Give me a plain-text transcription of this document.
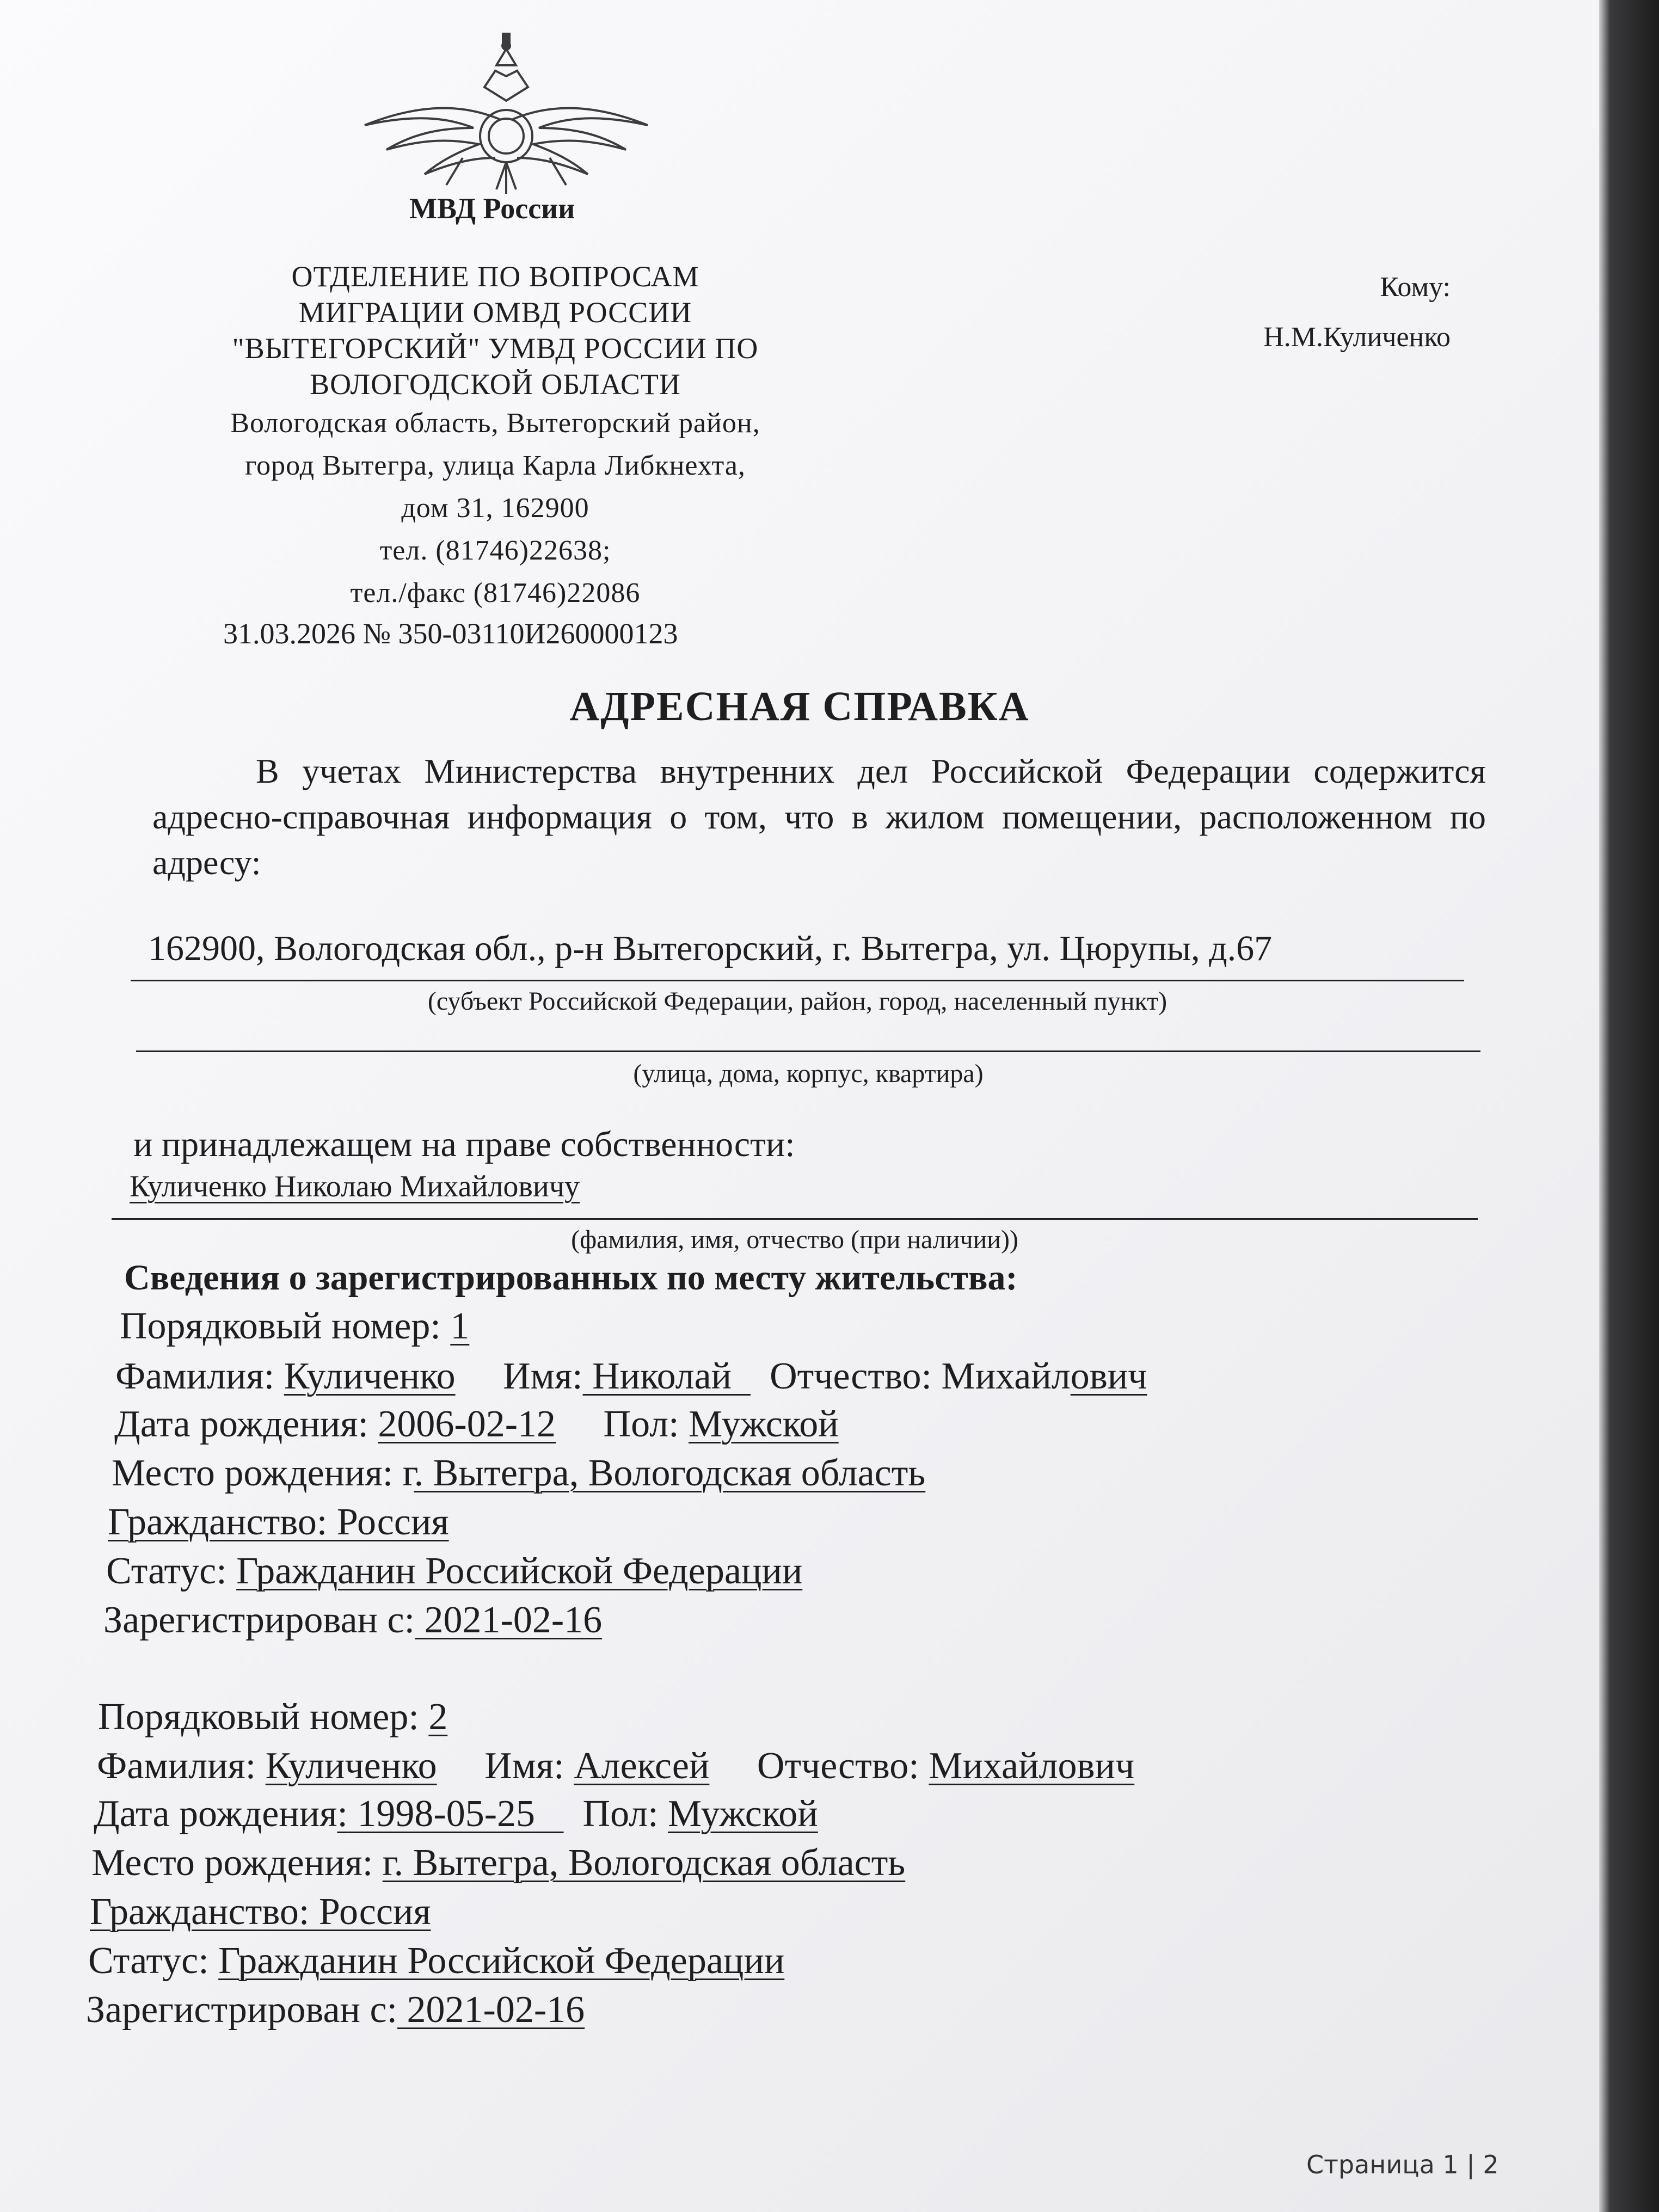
МВД России
ОТДЕЛЕНИЕ ПО ВОПРОСАМ
МИГРАЦИИ ОМВД РОССИИ
"ВЫТЕГОРСКИЙ" УМВД РОССИИ ПО
ВОЛОГОДСКОЙ ОБЛАСТИ
Вологодская область, Вытегорский район,
город Вытегра, улица Карла Либкнехта,
дом 31, 162900
тел. (81746)22638;
тел./факс (81746)22086
Кому:
Н.М.Куличенко
31.03.2026 № 350-03110И260000123
АДРЕСНАЯ СПРАВКА
В учетах Министерства внутренних дел Российской Федерации содержится адресно-справочная информация о том, что в жилом помещении, расположенном по адресу:
162900, Вологодская обл., р-н Вытегорский, г. Вытегра, ул. Цюрупы, д.67
(субъект Российской Федерации, район, город, населенный пункт)
(улица, дома, корпус, квартира)
и принадлежащем на праве собственности:
Куличенко Николаю Михайловичу
(фамилия, имя, отчество (при наличии))
Сведения о зарегистрированных по месту жительства:
Порядковый номер: 1
Фамилия: Куличенко Имя: Николай Отчество: Михайлович
Дата рождения: 2006-02-12 Пол: Мужской
Место рождения: г. Вытегра, Вологодская область
Гражданство: Россия
Статус: Гражданин Российской Федерации
Зарегистрирован с: 2021-02-16
Порядковый номер: 2
Фамилия: Куличенко Имя: Алексей Отчество: Михайлович
Дата рождения: 1998-05-25 Пол: Мужской
Место рождения: г. Вытегра, Вологодская область
Гражданство: Россия
Статус: Гражданин Российской Федерации
Зарегистрирован с: 2021-02-16
Страница 1 | 2
